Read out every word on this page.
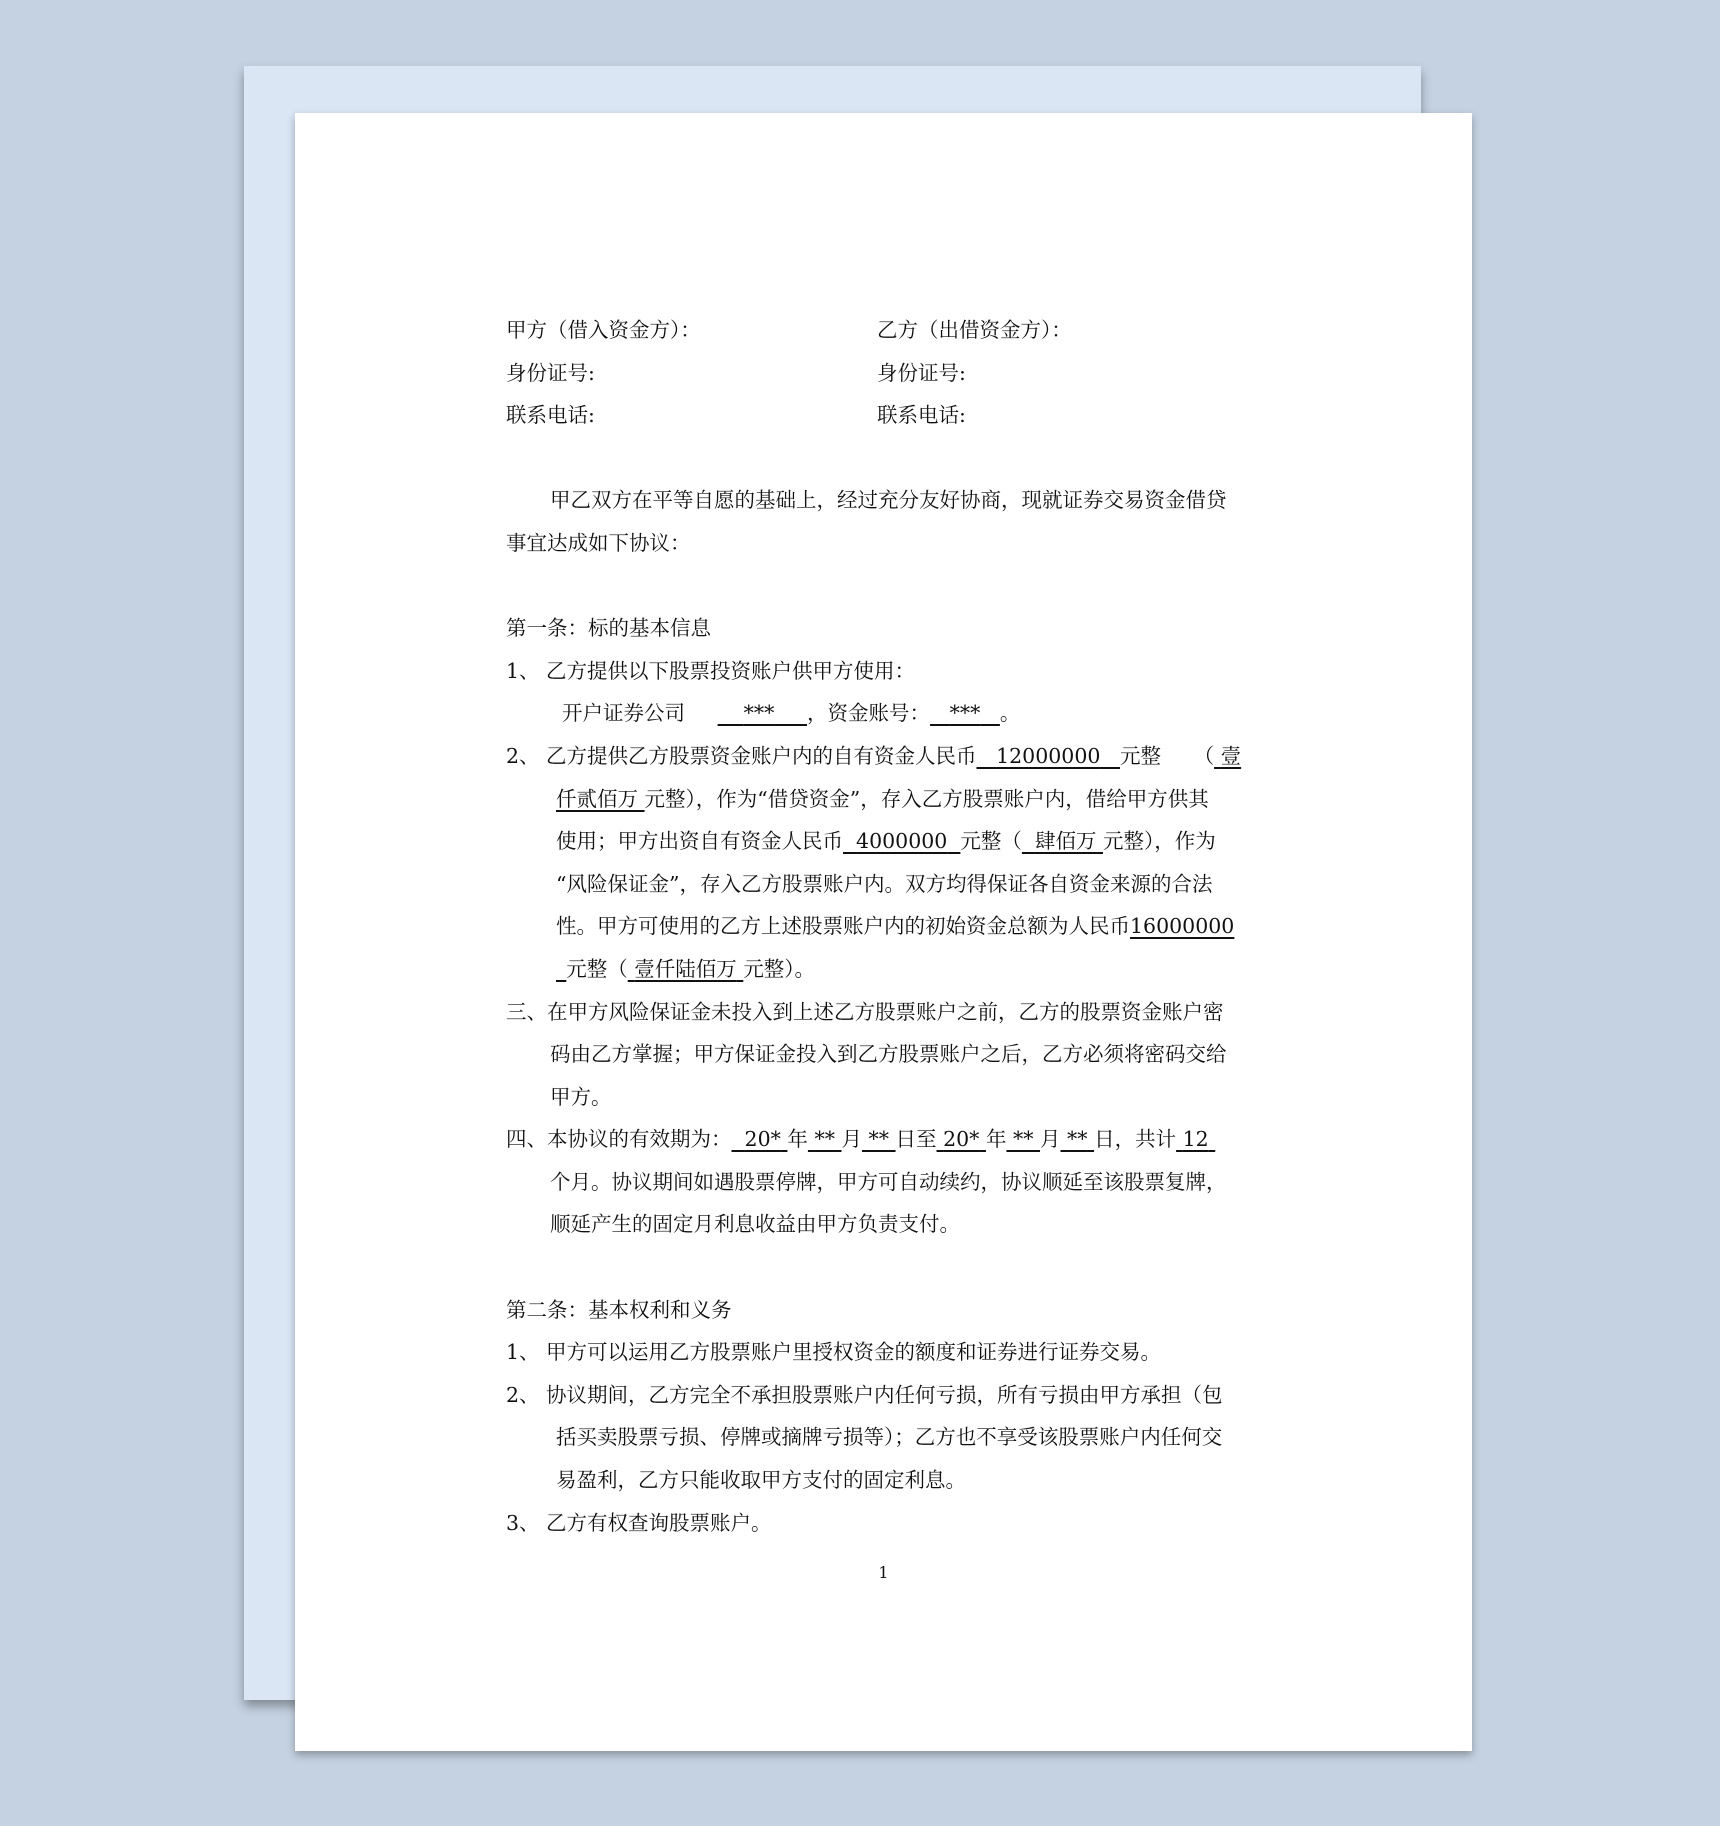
甲方（借入资金方）：	乙方（出借资金方）：
身份证号:	身份证号:
联系电话:	联系电话:
甲乙双方在平等自愿的基础上，经过充分友好协商，现就证券交易资金借贷
事宜达成如下协议：
第一条：标的基本信息
1、 乙方提供以下股票投资账户供甲方使用：
开户证券公司	*** ，资金账号： *** 。
2、 乙方提供乙方股票资金账户内的自有资金人民币 12000000 元整 （ 壹
仟贰佰万 元整），作为“借贷资金”，存入乙方股票账户内，借给甲方供其
使用；甲方出资自有资金人民币 4000000 元整（ 肆佰万 元整），作为
“风险保证金”，存入乙方股票账户内。双方均得保证各自资金来源的合法
性。甲方可使用的乙方上述股票账户内的初始资金总额为人民币16000000
_元整（ 壹仟陆佰万 元整）。
三、在甲方风险保证金未投入到上述乙方股票账户之前，乙方的股票资金账户密
码由乙方掌握；甲方保证金投入到乙方股票账户之后，乙方必须将密码交给
甲方。
四、本协议的有效期为： 20* 年 ** 月 ** 日至 20* 年 ** 月 ** 日，共计 12
个月。协议期间如遇股票停牌，甲方可自动续约，协议顺延至该股票复牌，
顺延产生的固定月利息收益由甲方负责支付。
第二条：基本权利和义务
1、 甲方可以运用乙方股票账户里授权资金的额度和证券进行证券交易。
2、 协议期间，乙方完全不承担股票账户内任何亏损，所有亏损由甲方承担（包
括买卖股票亏损、停牌或摘牌亏损等）；乙方也不享受该股票账户内任何交
易盈利，乙方只能收取甲方支付的固定利息。
3、 乙方有权查询股票账户。
1
